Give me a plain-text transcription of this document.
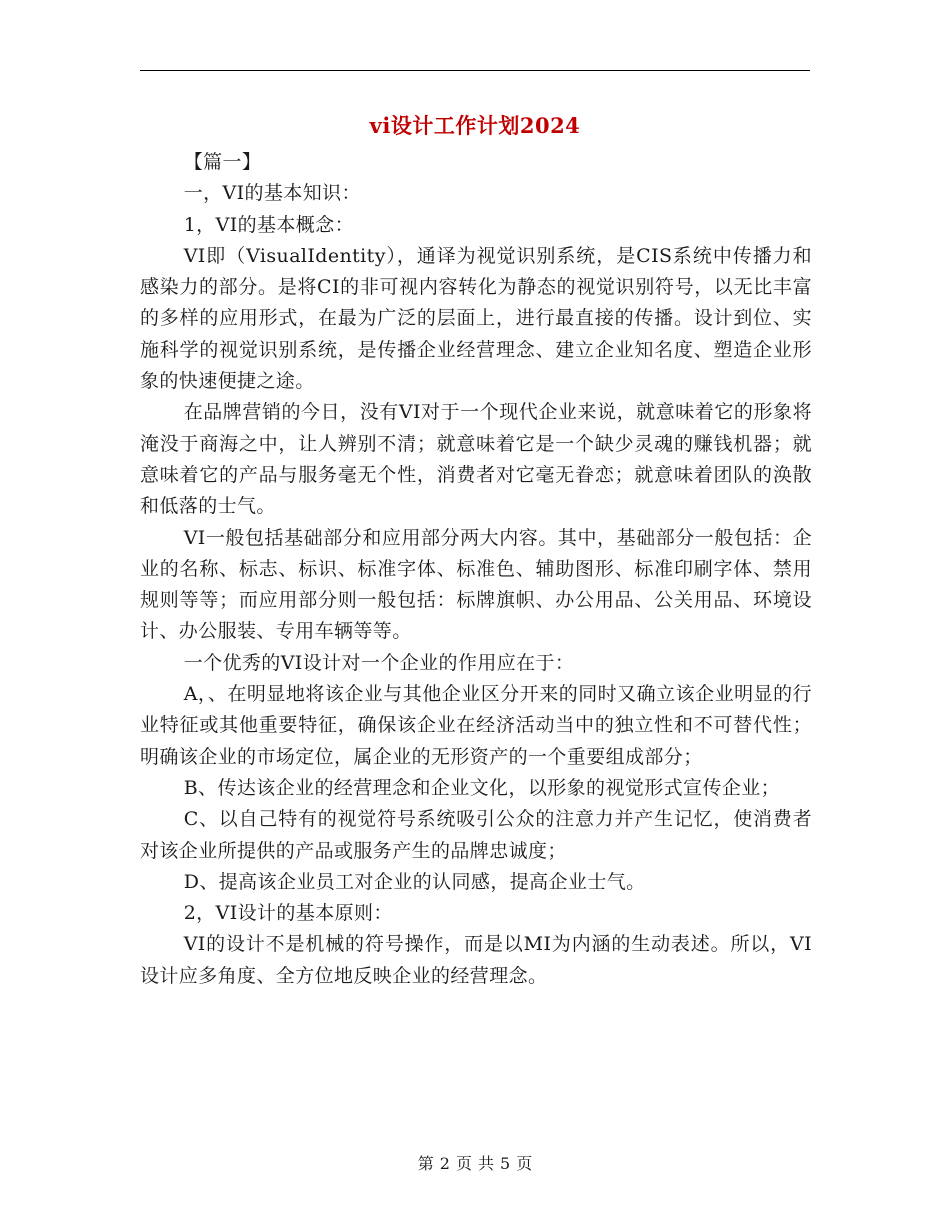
vi设计工作计划2024

【篇一】

一，VI的基本知识：

1，VI的基本概念：

VI即（VisualIdentity），通译为视觉识别系统，是CIS系统中传播力和感染力的部分。是将CI的非可视内容转化为静态的视觉识别符号，以无比丰富的多样的应用形式，在最为广泛的层面上，进行最直接的传播。设计到位、实施科学的视觉识别系统，是传播企业经营理念、建立企业知名度、塑造企业形象的快速便捷之途。

在品牌营销的今日，没有VI对于一个现代企业来说，就意味着它的形象将淹没于商海之中，让人辨别不清；就意味着它是一个缺少灵魂的赚钱机器；就意味着它的产品与服务毫无个性，消费者对它毫无眷恋；就意味着团队的涣散和低落的士气。

VI一般包括基础部分和应用部分两大内容。其中，基础部分一般包括：企业的名称、标志、标识、标准字体、标准色、辅助图形、标准印刷字体、禁用规则等等；而应用部分则一般包括：标牌旗帜、办公用品、公关用品、环境设计、办公服装、专用车辆等等。

一个优秀的VI设计对一个企业的作用应在于：

A，、在明显地将该企业与其他企业区分开来的同时又确立该企业明显的行业特征或其他重要特征，确保该企业在经济活动当中的独立性和不可替代性；明确该企业的市场定位，属企业的无形资产的一个重要组成部分；

B、传达该企业的经营理念和企业文化，以形象的视觉形式宣传企业；

C、以自己特有的视觉符号系统吸引公众的注意力并产生记忆，使消费者对该企业所提供的产品或服务产生的品牌忠诚度；

D、提高该企业员工对企业的认同感，提高企业士气。

2，VI设计的基本原则：

VI的设计不是机械的符号操作，而是以MI为内涵的生动表述。所以，VI设计应多角度、全方位地反映企业的经营理念。

第 2 页 共 5 页
